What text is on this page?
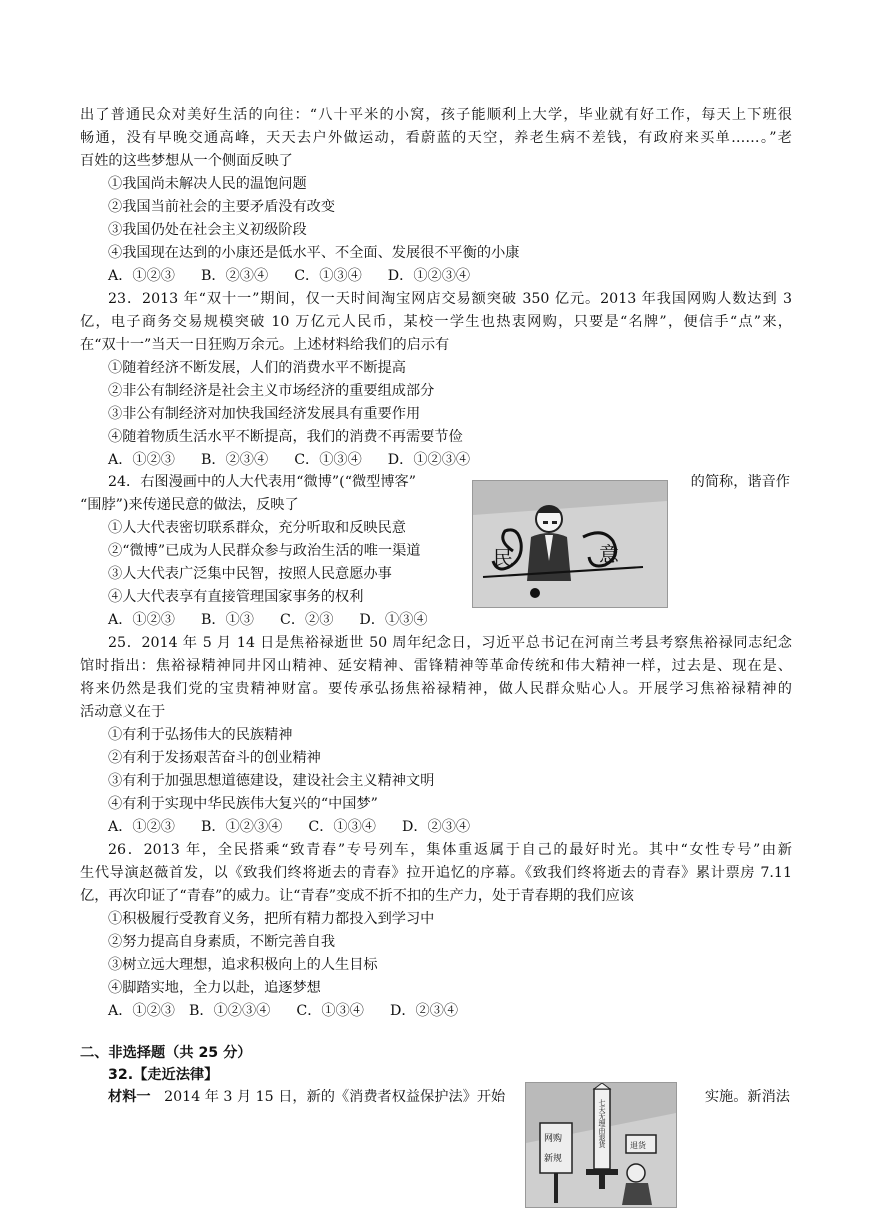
出了普通民众对美好生活的向往：“八十平米的小窝，孩子能顺利上大学，毕业就有好工作，每天上下班很
畅通，没有早晚交通高峰，天天去户外做运动，看蔚蓝的天空，养老生病不差钱，有政府来买单……。”老
百姓的这些梦想从一个侧面反映了
①我国尚未解决人民的温饱问题
②我国当前社会的主要矛盾没有改变
③我国仍处在社会主义初级阶段
④我国现在达到的小康还是低水平、不全面、发展很不平衡的小康
A．①②③ B．②③④ C．①③④ D．①②③④
23．2013 年“双十一”期间，仅一天时间淘宝网店交易额突破 350 亿元。2013 年我国网购人数达到 3
亿，电子商务交易规模突破 10 万亿元人民币，某校一学生也热衷网购，只要是“名牌”，便信手“点”来，
在“双十一”当天一日狂购万余元。上述材料给我们的启示有
①随着经济不断发展，人们的消费水平不断提高
②非公有制经济是社会主义市场经济的重要组成部分
③非公有制经济对加快我国经济发展具有重要作用
④随着物质生活水平不断提高，我们的消费不再需要节俭
A．①②③ B．②③④ C．①③④ D．①②③④
24．右图漫画中的人大代表用“微博”(“微型博客”	的简称，谐音作
“围脖”)来传递民意的做法，反映了
①人大代表密切联系群众，充分听取和反映民意
②“微博”已成为人民群众参与政治生活的唯一渠道
③人大代表广泛集中民智，按照人民意愿办事
④人大代表享有直接管理国家事务的权利
A．①②③ B．①③ C．②③ D．①③④
民	意
25．2014 年 5 月 14 日是焦裕禄逝世 50 周年纪念日，习近平总书记在河南兰考县考察焦裕禄同志纪念
馆时指出：焦裕禄精神同井冈山精神、延安精神、雷锋精神等革命传统和伟大精神一样，过去是、现在是、
将来仍然是我们党的宝贵精神财富。要传承弘扬焦裕禄精神，做人民群众贴心人。开展学习焦裕禄精神的
活动意义在于
①有利于弘扬伟大的民族精神
②有利于发扬艰苦奋斗的创业精神
③有利于加强思想道德建设，建设社会主义精神文明
④有利于实现中华民族伟大复兴的“中国梦”
A．①②③ B．①②③④ C．①③④ D．②③④
26．2013 年，全民搭乘“致青春”专号列车，集体重返属于自己的最好时光。其中“女性专号”由新
生代导演赵薇首发，以《致我们终将逝去的青春》拉开追忆的序幕。《致我们终将逝去的青春》累计票房 7.11
亿，再次印证了“青春”的威力。让“青春”变成不折不扣的生产力，处于青春期的我们应该
①积极履行受教育义务，把所有精力都投入到学习中
②努力提高自身素质，不断完善自我
③树立远大理想，追求积极向上的人生目标
④脚踏实地，全力以赴，追逐梦想
A．①②③ B．①②③④ C．①③④ D．②③④
二、非选择题（共 25 分）
32.【走近法律】
材料一 2014 年 3 月 15 日，新的《消费者权益保护法》开始	实施。新消法
七天无理由退货
网购
新规
退货
